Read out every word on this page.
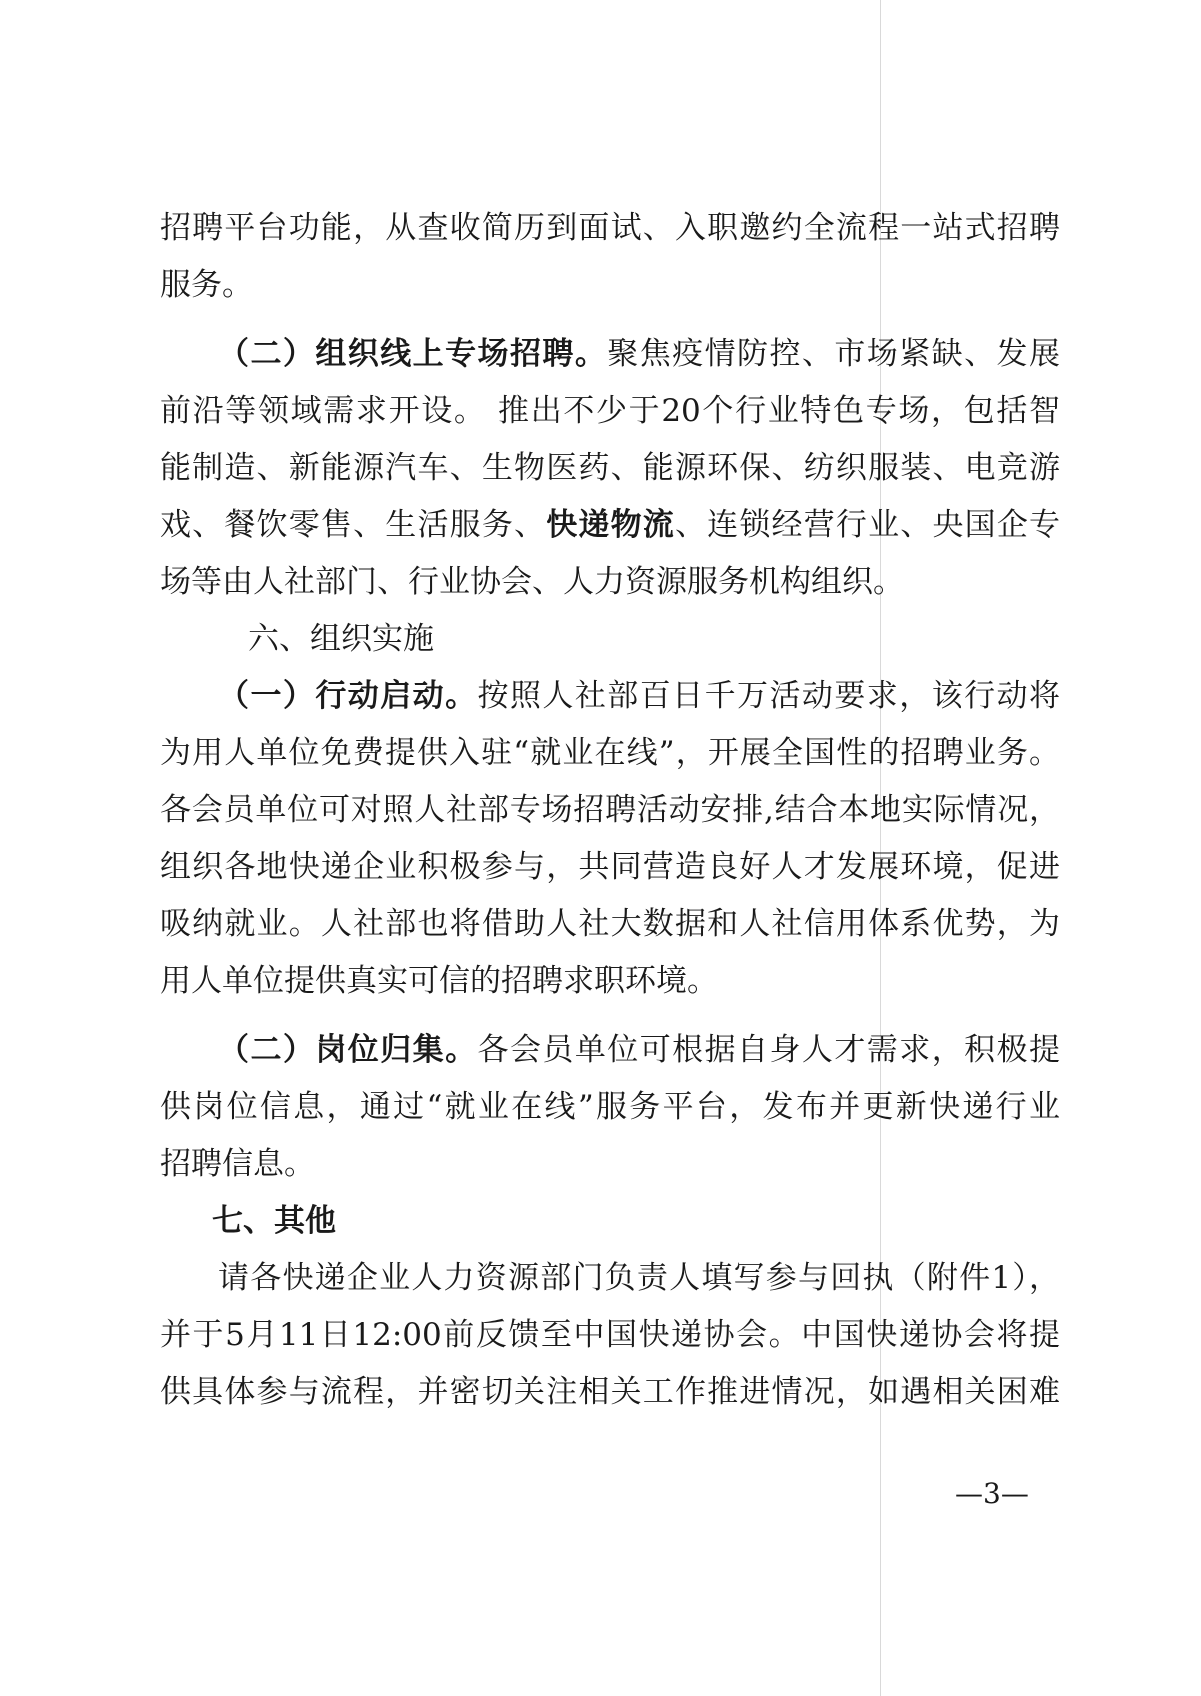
招聘平台功能，从查收简历到面试、入职邀约全流程一站式招聘
服务。
（二）组织线上专场招聘。聚焦疫情防控、市场紧缺、发展
前沿等领域需求开设。 推出不少于20个行业特色专场，包括智
能制造、新能源汽车、生物医药、能源环保、纺织服装、电竞游
戏、餐饮零售、生活服务、快递物流、连锁经营行业、央国企专
场等由人社部门、行业协会、人力资源服务机构组织。
六、组织实施
（一）行动启动。按照人社部百日千万活动要求，该行动将
为用人单位免费提供入驻“就业在线”，开展全国性的招聘业务。
各会员单位可对照人社部专场招聘活动安排,结合本地实际情况，
组织各地快递企业积极参与，共同营造良好人才发展环境，促进
吸纳就业。人社部也将借助人社大数据和人社信用体系优势，为
用人单位提供真实可信的招聘求职环境。
（二）岗位归集。各会员单位可根据自身人才需求，积极提
供岗位信息，通过“就业在线”服务平台，发布并更新快递行业
招聘信息。
七、其他
请各快递企业人力资源部门负责人填写参与回执（附件1），
并于5月11日12:00前反馈至中国快递协会。中国快递协会将提
供具体参与流程，并密切关注相关工作推进情况，如遇相关困难
—3—
